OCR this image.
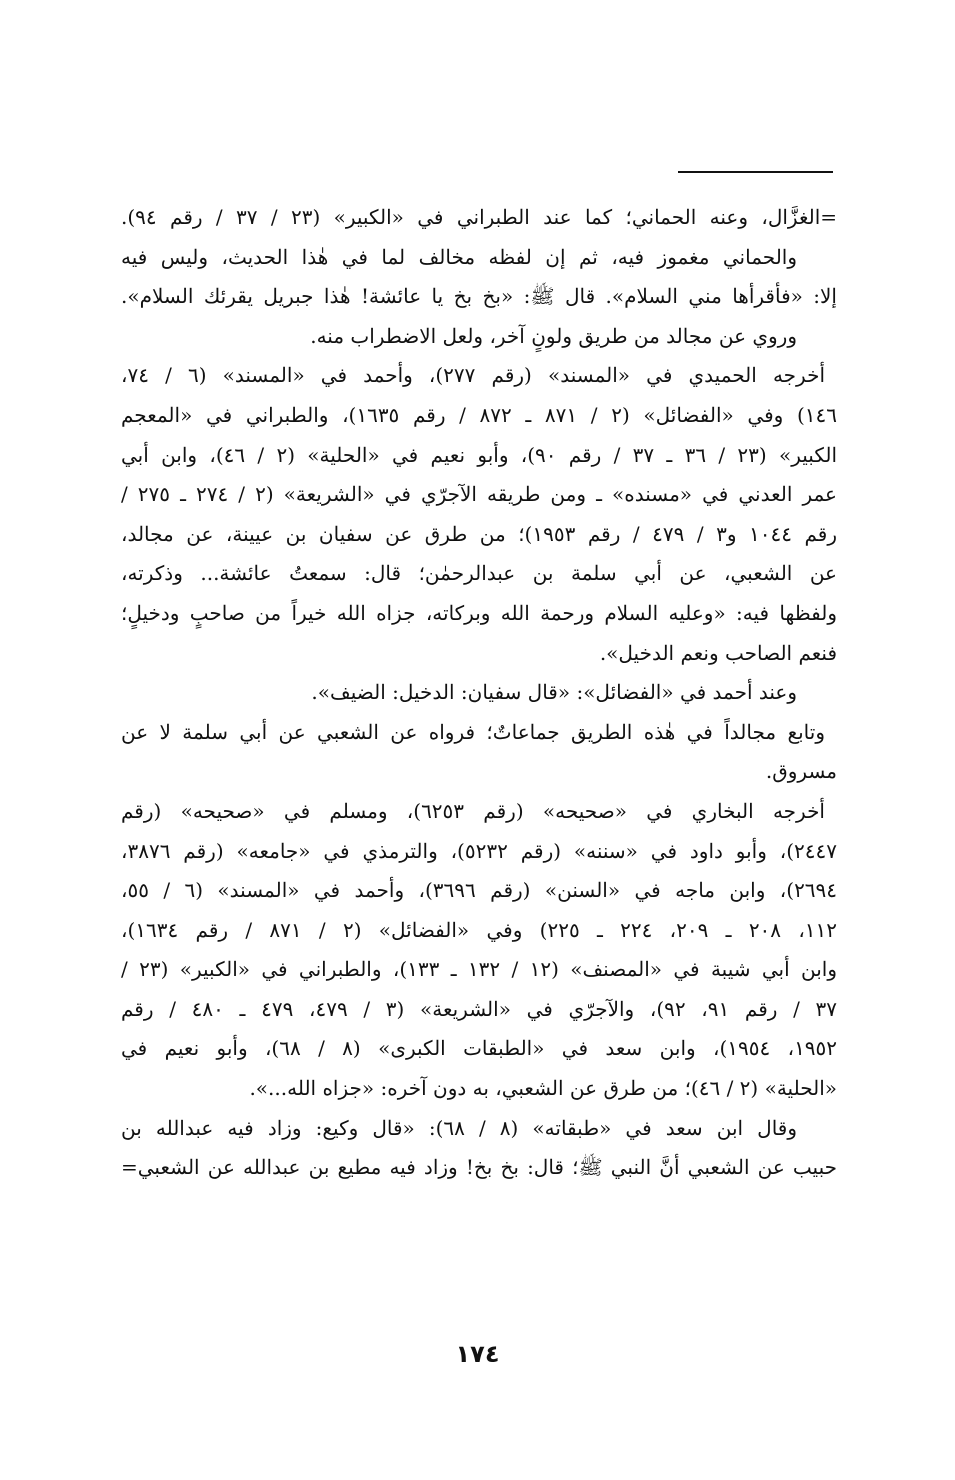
=الغزَّال، وعنه الحماني؛ كما عند الطبراني في «الكبير» (٢٣ / ٣٧ / رقم ٩٤).
والحماني مغموز فيه، ثم إن لفظه مخالف لما في هٰذا الحديث، وليس فيه
إلا: «فأقرأها مني السلام». قال ﷺ: «بخ بخ يا عائشة! هٰذا جبريل يقرئك السلام».
وروي عن مجالد من طريق ولونٍ آخر، ولعل الاضطراب منه.
أخرجه الحميدي في «المسند» (رقم ٢٧٧)، وأحمد في «المسند» (٦ / ٧٤،
١٤٦) وفي «الفضائل» (٢ / ٨٧١ ـ ٨٧٢ / رقم ١٦٣٥)، والطبراني في «المعجم
الكبير» (٢٣ / ٣٦ ـ ٣٧ / رقم ٩٠)، وأبو نعيم في «الحلية» (٢ / ٤٦)، وابن أبي
عمر العدني في «مسنده» ـ ومن طريقه الآجرّي في «الشريعة» (٢ / ٢٧٤ ـ ٢٧٥ /
رقم ١٠٤٤ و٣ / ٤٧٩ / رقم ١٩٥٣)؛ من طرق عن سفيان بن عيينة، عن مجالد،
عن الشعبي، عن أبي سلمة بن عبدالرحمٰن؛ قال: سمعتُ عائشة... وذكرته،
ولفظها فيه: «وعليه السلام ورحمة الله وبركاته، جزاه الله خيراً من صاحبٍ ودخيلٍ؛
فنعم الصاحب ونعم الدخيل».
وعند أحمد في «الفضائل»: «قال سفيان: الدخيل: الضيف».
وتابع مجالداً في هٰذه الطريق جماعاتٌ؛ فرواه عن الشعبي عن أبي سلمة لا عن
مسروق.
أخرجه البخاري في «صحيحه» (رقم ٦٢٥٣)، ومسلم في «صحيحه» (رقم
٢٤٤٧)، وأبو داود في «سننه» (رقم ٥٢٣٢)، والترمذي في «جامعه» (رقم ٣٨٧٦،
٢٦٩٤)، وابن ماجه في «السنن» (رقم ٣٦٩٦)، وأحمد في «المسند» (٦ / ٥٥،
١١٢، ٢٠٨ ـ ٢٠٩، ٢٢٤ ـ ٢٢٥) وفي «الفضائل» (٢ / ٨٧١ / رقم ١٦٣٤)،
وابن أبي شيبة في «المصنف» (١٢ / ١٣٢ ـ ١٣٣)، والطبراني في «الكبير» (٢٣ /
٣٧ / رقم ٩١، ٩٢)، والآجرّي في «الشريعة» (٣ / ٤٧٩، ٤٧٩ ـ ٤٨٠ / رقم
١٩٥٢، ١٩٥٤)، وابن سعد في «الطبقات الكبرى» (٨ / ٦٨)، وأبو نعيم في
«الحلية» (٢ / ٤٦)؛ من طرق عن الشعبي، به دون آخره: «جزاه الله...».
وقال ابن سعد في «طبقاته» (٨ / ٦٨): «قال وكيع: وزاد فيه عبدالله بن
حبيب عن الشعبي أنَّ النبي ﷺ؛ قال: بخ بخ! وزاد فيه مطيع بن عبدالله عن الشعبي=
١٧٤
